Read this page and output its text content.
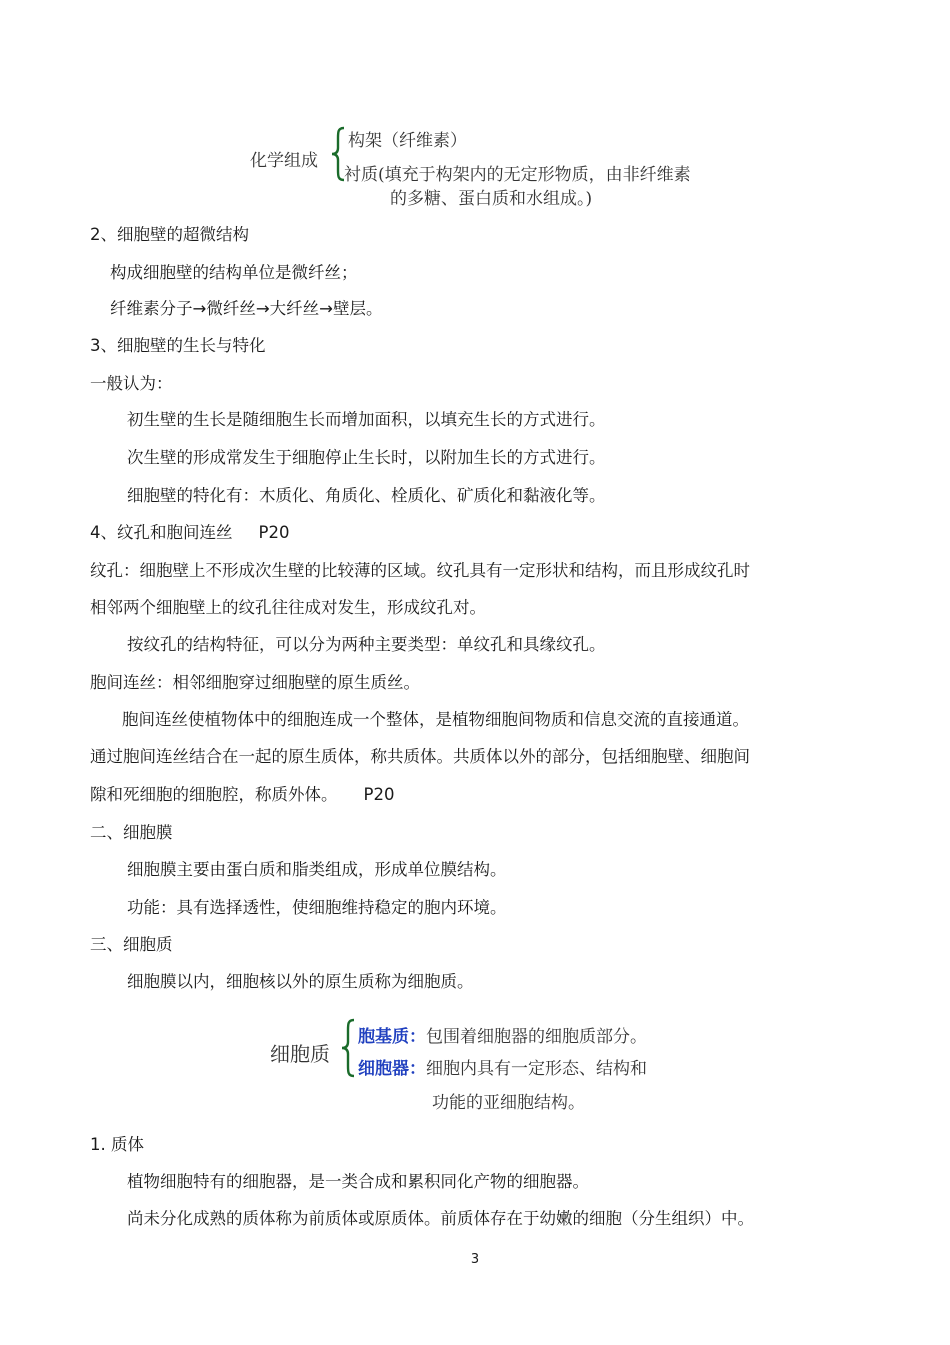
化学组成
构架（纤维素）
衬质(填充于构架内的无定形物质，由非纤维素
的多糖、蛋白质和水组成。)
2、细胞壁的超微结构
构成细胞壁的结构单位是微纤丝；
纤维素分子→微纤丝→大纤丝→壁层。
3、细胞壁的生长与特化
一般认为：
初生壁的生长是随细胞生长而增加面积，以填充生长的方式进行。
次生壁的形成常发生于细胞停止生长时，以附加生长的方式进行。
细胞壁的特化有：木质化、角质化、栓质化、矿质化和黏液化等。
4、纹孔和胞间连丝 P20
纹孔：细胞壁上不形成次生壁的比较薄的区域。纹孔具有一定形状和结构，而且形成纹孔时
相邻两个细胞壁上的纹孔往往成对发生，形成纹孔对。
按纹孔的结构特征，可以分为两种主要类型：单纹孔和具缘纹孔。
胞间连丝：相邻细胞穿过细胞壁的原生质丝。
胞间连丝使植物体中的细胞连成一个整体，是植物细胞间物质和信息交流的直接通道。
通过胞间连丝结合在一起的原生质体，称共质体。共质体以外的部分，包括细胞壁、细胞间
隙和死细胞的细胞腔，称质外体。 P20
二、细胞膜
细胞膜主要由蛋白质和脂类组成，形成单位膜结构。
功能：具有选择透性，使细胞维持稳定的胞内环境。
三、细胞质
细胞膜以内，细胞核以外的原生质称为细胞质。
细胞质
胞基质：包围着细胞器的细胞质部分。
细胞器：细胞内具有一定形态、结构和
功能的亚细胞结构。
1. 质体
植物细胞特有的细胞器，是一类合成和累积同化产物的细胞器。
尚未分化成熟的质体称为前质体或原质体。前质体存在于幼嫩的细胞（分生组织）中。
3
